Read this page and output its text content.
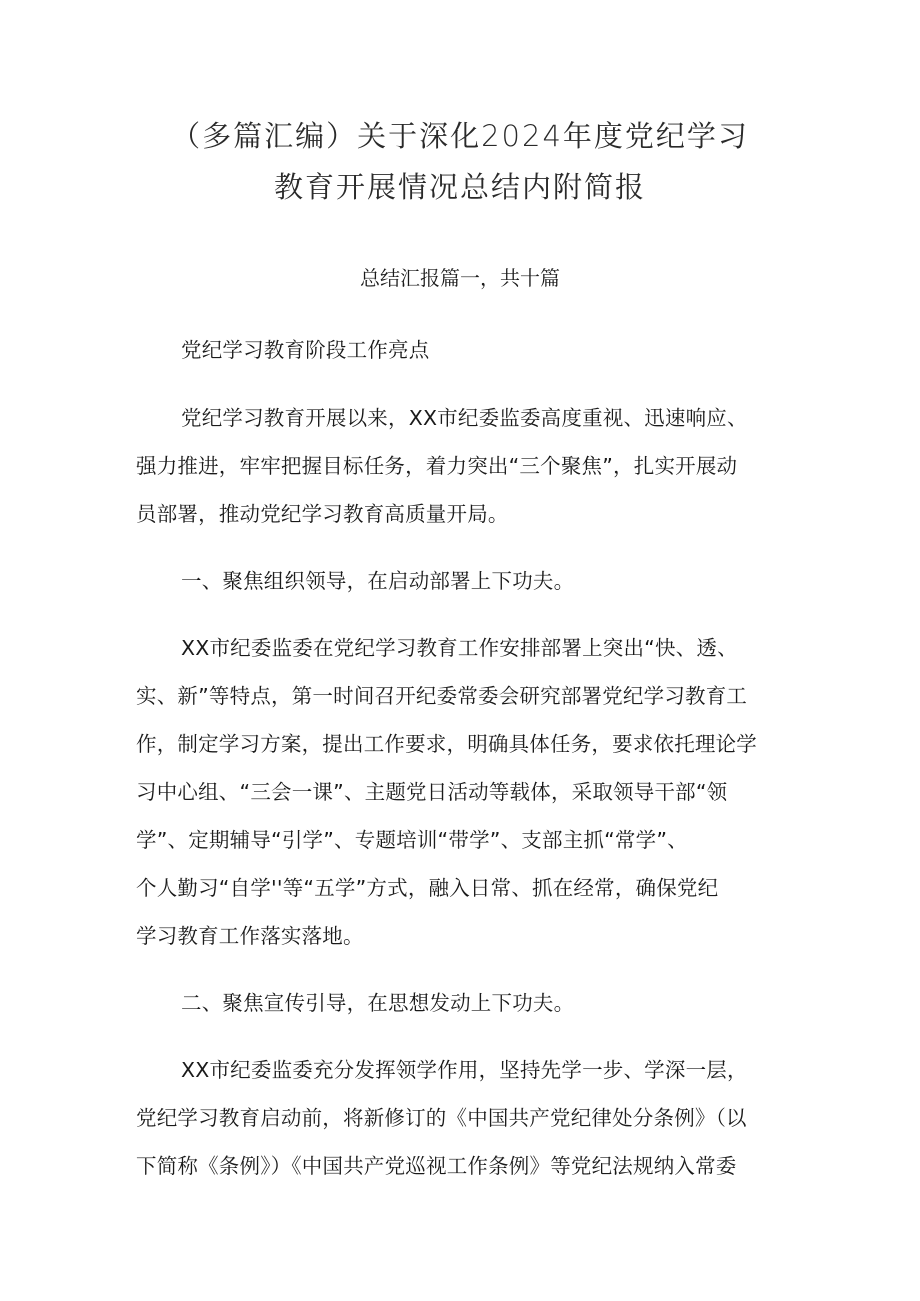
（多篇汇编）关于深化2024年度党纪学习
教育开展情况总结内附简报
总结汇报篇一，共十篇
党纪学习教育阶段工作亮点
党纪学习教育开展以来，XX市纪委监委高度重视、迅速响应、
强力推进，牢牢把握目标任务，着力突出“三个聚焦”，扎实开展动
员部署，推动党纪学习教育高质量开局。
一、聚焦组织领导，在启动部署上下功夫。
XX市纪委监委在党纪学习教育工作安排部署上突出“快、透、
实、新”等特点，第一时间召开纪委常委会研究部署党纪学习教育工
作，制定学习方案，提出工作要求，明确具体任务，要求依托理论学
习中心组、“三会一课”、主题党日活动等载体，采取领导干部“领
学”、定期辅导“引学”、专题培训“带学”、支部主抓“常学”、
个人勤习“自学''等“五学”方式，融入日常、抓在经常，确保党纪
学习教育工作落实落地。
二、聚焦宣传引导，在思想发动上下功夫。
XX市纪委监委充分发挥领学作用，坚持先学一步、学深一层，
党纪学习教育启动前，将新修订的《中国共产党纪律处分条例》（以
下简称《条例》）《中国共产党巡视工作条例》等党纪法规纳入常委
